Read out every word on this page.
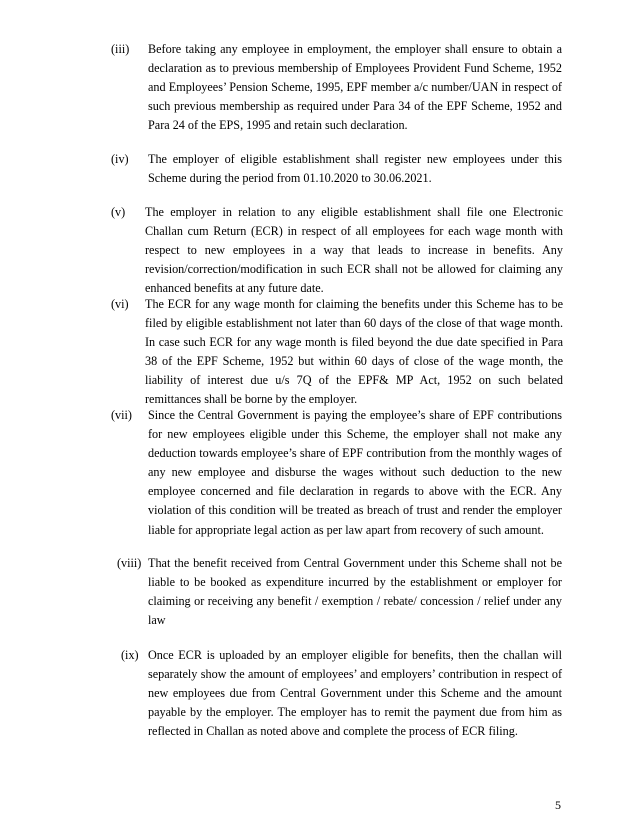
(iii) Before taking any employee in employment, the employer shall ensure to obtain a declaration as to previous membership of Employees Provident Fund Scheme, 1952 and Employees’ Pension Scheme, 1995, EPF member a/c number/UAN in respect of such previous membership as required under Para 34 of the EPF Scheme, 1952 and Para 24 of the EPS, 1995 and retain such declaration.
(iv) The employer of eligible establishment shall register new employees under this Scheme during the period from 01.10.2020 to 30.06.2021.
(v) The employer in relation to any eligible establishment shall file one Electronic Challan cum Return (ECR) in respect of all employees for each wage month with respect to new employees in a way that leads to increase in benefits. Any revision/correction/modification in such ECR shall not be allowed for claiming any enhanced benefits at any future date.
(vi) The ECR for any wage month for claiming the benefits under this Scheme has to be filed by eligible establishment not later than 60 days of the close of that wage month. In case such ECR for any wage month is filed beyond the due date specified in Para 38 of the EPF Scheme, 1952 but within 60 days of close of the wage month, the liability of interest due u/s 7Q of the EPF& MP Act, 1952 on such belated remittances shall be borne by the employer.
(vii) Since the Central Government is paying the employee’s share of EPF contributions for new employees eligible under this Scheme, the employer shall not make any deduction towards employee’s share of EPF contribution from the monthly wages of any new employee and disburse the wages without such deduction to the new employee concerned and file declaration in regards to above with the ECR. Any violation of this condition will be treated as breach of trust and render the employer liable for appropriate legal action as per law apart from recovery of such amount.
(viii) That the benefit received from Central Government under this Scheme shall not be liable to be booked as expenditure incurred by the establishment or employer for claiming or receiving any benefit / exemption / rebate/ concession / relief under any law
(ix) Once ECR is uploaded by an employer eligible for benefits, then the challan will separately show the amount of employees’ and employers’ contribution in respect of new employees due from Central Government under this Scheme and the amount payable by the employer. The employer has to remit the payment due from him as reflected in Challan as noted above and complete the process of ECR filing.
5
